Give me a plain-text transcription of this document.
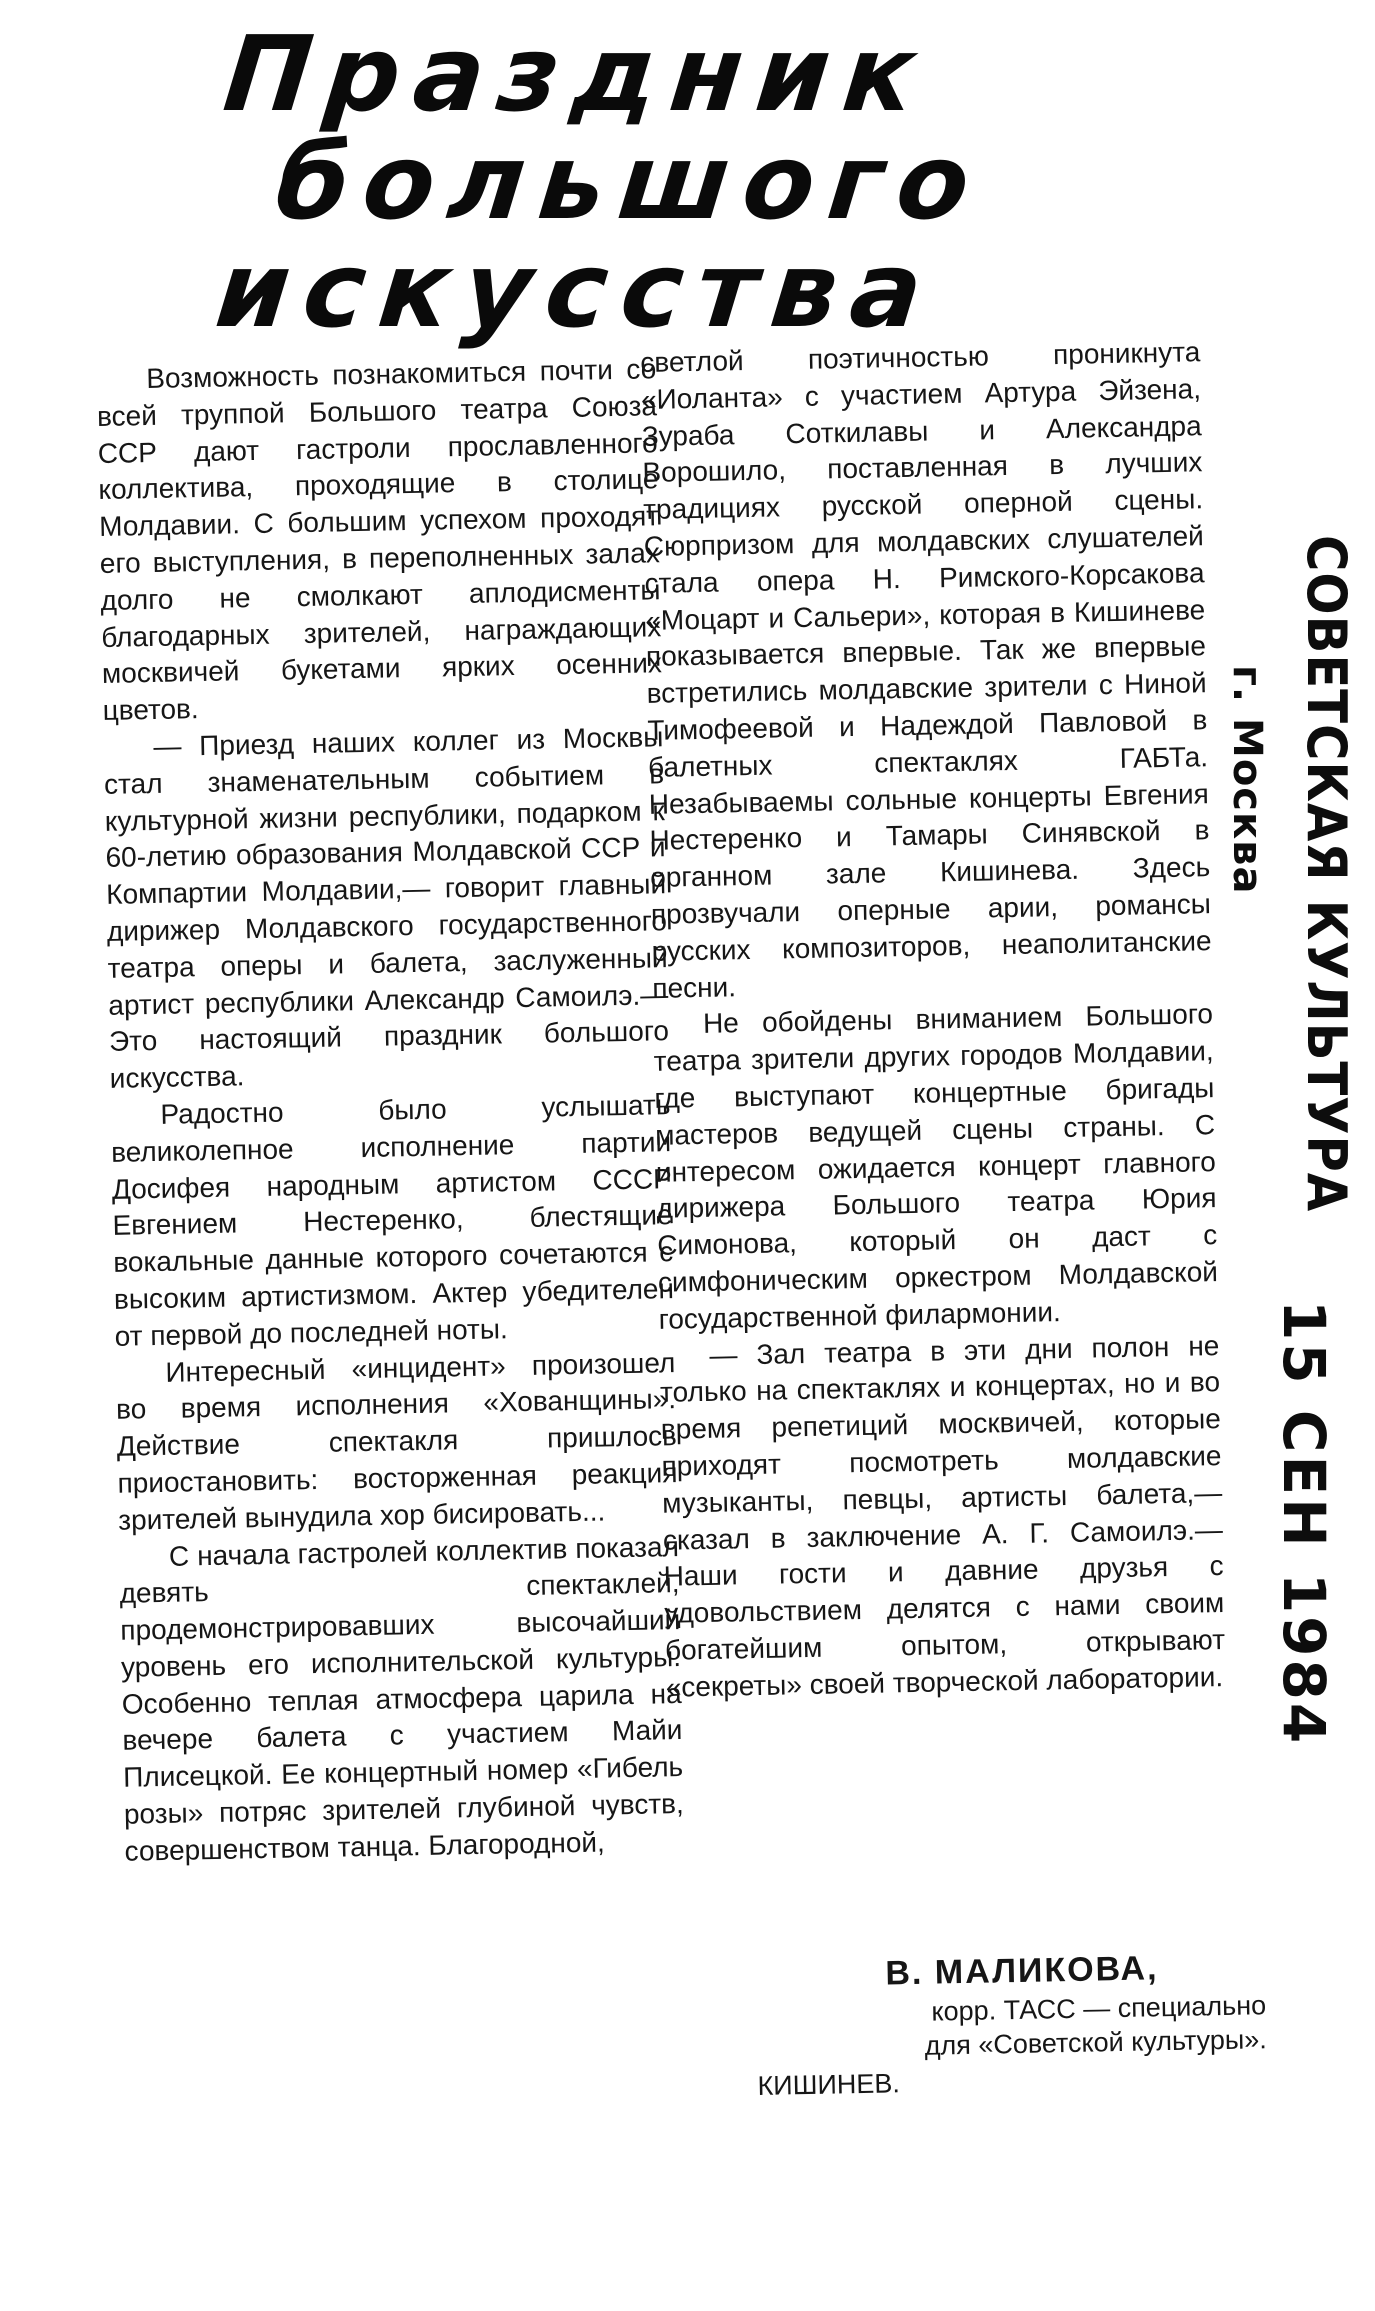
Праздник
большого
искусства

Возможность познакомиться почти со всей труппой Большого театра Союза ССР дают гастроли прославленного коллектива, проходящие в столице Молдавии. С большим успехом проходят его выступления, в переполненных залах долго не смолкают аплодисменты благодарных зрителей, награждающих москвичей букетами ярких осенних цветов.

— Приезд наших коллег из Москвы стал знаменательным событием в культурной жизни республики, подарком к 60-летию образования Молдавской ССР и Компартии Молдавии,— говорит главный дирижер Молдавского государственного театра оперы и балета, заслуженный артист республики Александр Самоилэ.— Это настоящий праздник большого искусства.

Радостно было услышать великолепное исполнение партии Досифея народным артистом СССР Евгением Нестеренко, блестящие вокальные данные которого сочетаются с высоким артистизмом. Актер убедителен от первой до последней ноты.

Интересный «инцидент» произошел во время исполнения «Хованщины». Действие спектакля пришлось приостановить: восторженная реакция зрителей вынудила хор бисировать...

С начала гастролей коллектив показал девять спектаклей, продемонстрировавших высочайший уровень его исполнительской культуры. Особенно теплая атмосфера царила на вечере балета с участием Майи Плисецкой. Ее концертный номер «Гибель розы» потряс зрителей глубиной чувств, совершенством танца. Благородной,

светлой поэтичностью проникнута «Иоланта» с участием Артура Эйзена, Зураба Соткилавы и Александра Ворошило, поставленная в лучших традициях русской оперной сцены. Сюрпризом для молдавских слушателей стала опера Н. Римского-Корсакова «Моцарт и Сальери», которая в Кишиневе показывается впервые. Так же впервые встретились молдавские зрители с Ниной Тимофеевой и Надеждой Павловой в балетных спектаклях ГАБТа. Незабываемы сольные концерты Евгения Нестеренко и Тамары Синявской в органном зале Кишинева. Здесь прозвучали оперные арии, романсы русских композиторов, неаполитанские песни.

Не обойдены вниманием Большого театра зрители других городов Молдавии, где выступают концертные бригады мастеров ведущей сцены страны. С интересом ожидается концерт главного дирижера Большого театра Юрия Симонова, который он даст с симфоническим оркестром Молдавской государственной филармонии.

— Зал театра в эти дни полон не только на спектаклях и концертах, но и во время репетиций москвичей, которые приходят посмотреть молдавские музыканты, певцы, артисты балета,— сказал в заключение А. Г. Самоилэ.— Наши гости и давние друзья с удовольствием делятся с нами своим богатейшим опытом, открывают «секреты» своей творческой лаборатории.

В. МАЛИКОВА,
корр. ТАСС — специально
для «Советской культуры».
КИШИНЕВ.
СОВЕТСКАЯ КУЛЬТУРА
г. Москва
15 СЕН 1984
